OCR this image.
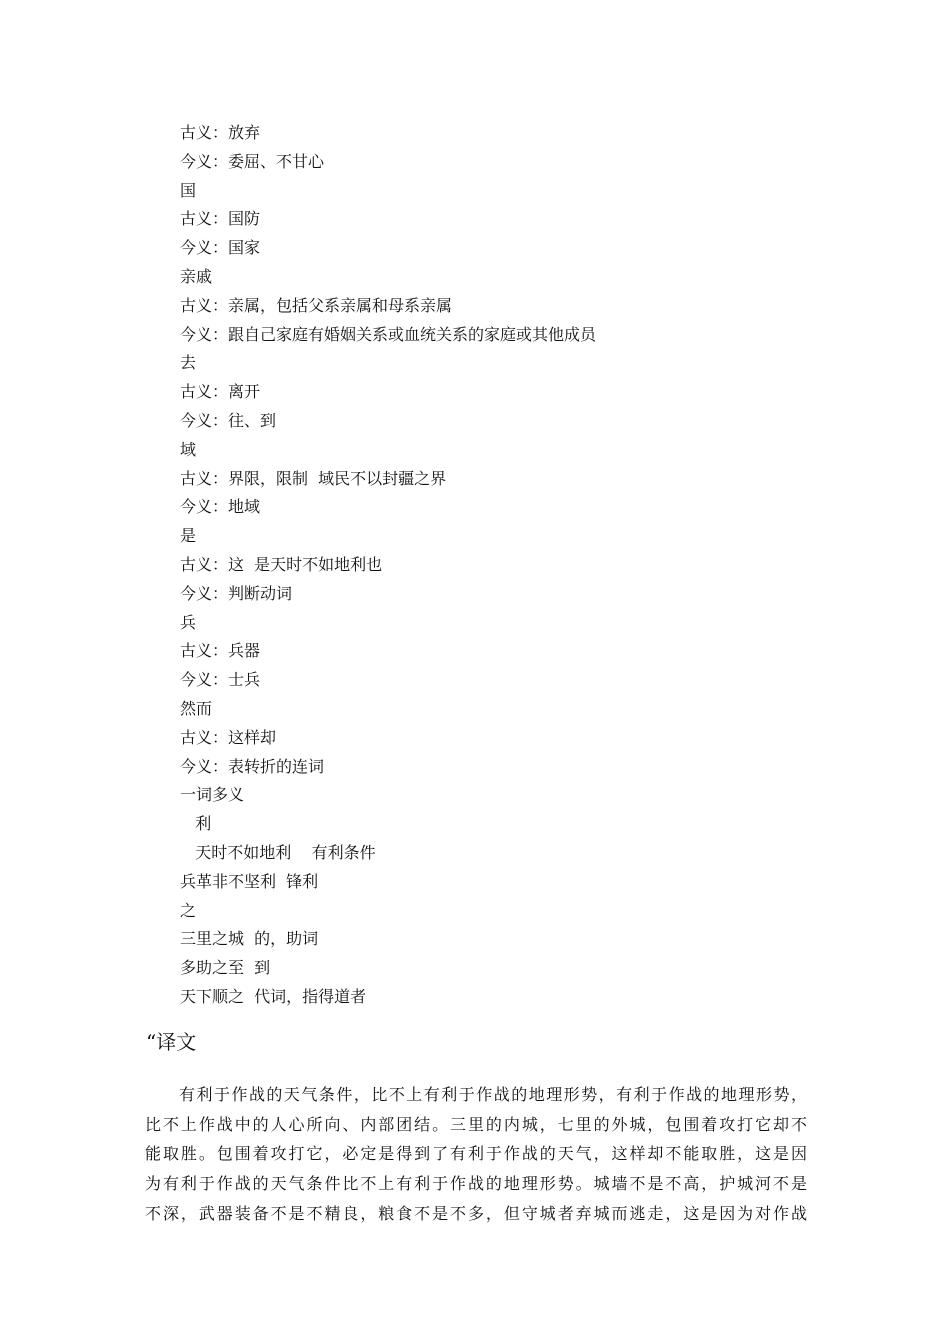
古义：放弃
今义：委屈、不甘心
国
古义：国防
今义：国家
亲戚
古义：亲属，包括父系亲属和母系亲属
今义：跟自己家庭有婚姻关系或血统关系的家庭或其他成员
去
古义：离开
今义：往、到
域
古义：界限，限制  域民不以封疆之界
今义：地域
是
古义：这  是天时不如地利也
今义：判断动词
兵
古义：兵器
今义：士兵
然而
古义：这样却
今义：表转折的连词
一词多义
利
天时不如地利    有利条件
兵革非不坚利  锋利
之
三里之城  的，助词
多助之至  到
天下顺之  代词，指得道者
“译文
有利于作战的天气条件，比不上有利于作战的地理形势，有利于作战的地理形势，
比不上作战中的人心所向、内部团结。三里的内城，七里的外城，包围着攻打它却不
能取胜。包围着攻打它，必定是得到了有利于作战的天气，这样却不能取胜，这是因
为有利于作战的天气条件比不上有利于作战的地理形势。城墙不是不高，护城河不是
不深，武器装备不是不精良，粮食不是不多，但守城者弃城而逃走，这是因为对作战
